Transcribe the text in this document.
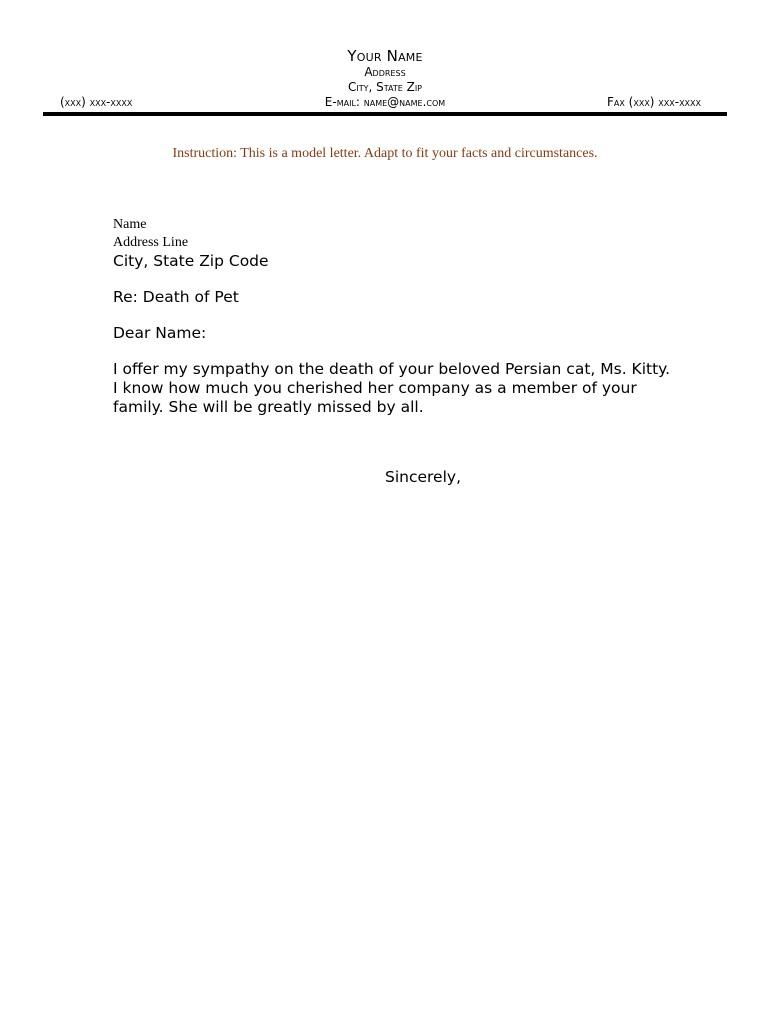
Your Name
Address
City, State Zip
(xxx) xxx-xxxx	E-mail: name@name.com	Fax (xxx) xxx-xxxx
Instruction: This is a model letter. Adapt to fit your facts and circumstances.
Name
Address Line
City, State Zip Code
Re: Death of Pet
Dear Name:
I offer my sympathy on the death of your beloved Persian cat, Ms. Kitty. I know how much you cherished her company as a member of your family. She will be greatly missed by all.
Sincerely,
